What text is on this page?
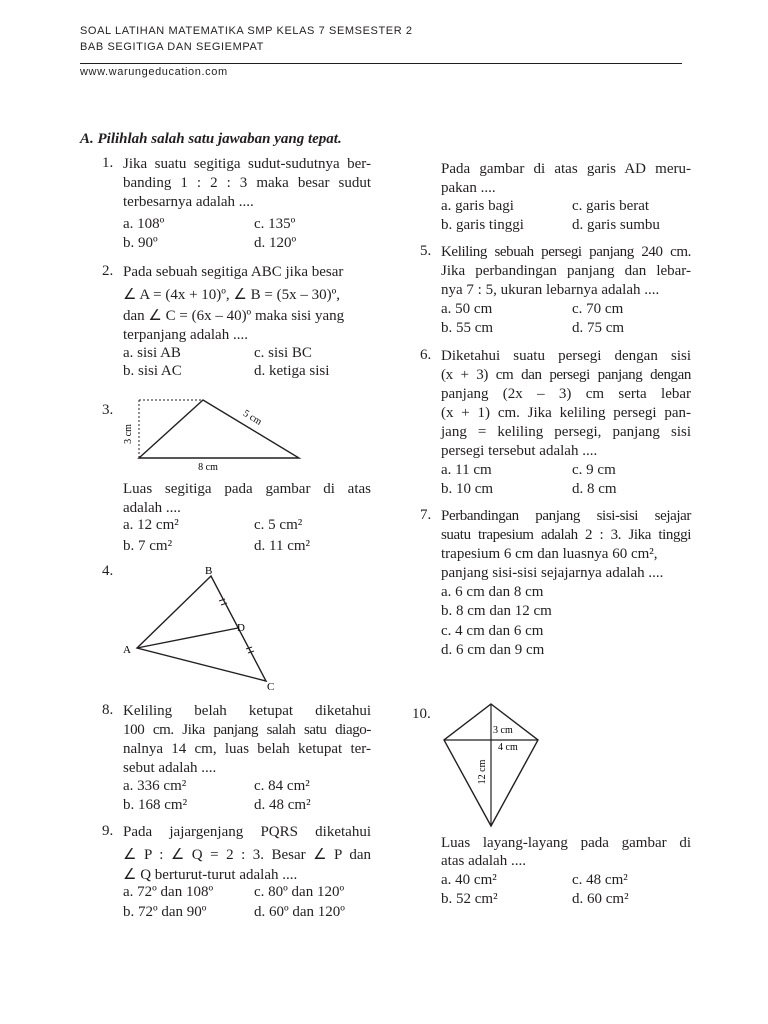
SOAL LATIHAN MATEMATIKA SMP KELAS 7 SEMSESTER 2
BAB SEGITIGA DAN SEGIEMPAT
www.warungeducation.com
A. Pilihlah salah satu jawaban yang tepat.
1. Jika suatu segitiga sudut-sudutnya ber-
banding 1 : 2 : 3 maka besar sudut
terbesarnya adalah ....
a. 108º	c. 135º
b. 90º	d. 120º
2. Pada sebuah segitiga ABC jika besar
∠ A = (4x + 10)º, ∠ B = (5x – 30)º,
dan ∠ C = (6x – 40)º maka sisi yang
terpanjang adalah ....
a. sisi AB	c. sisi BC
b. sisi AC	d. ketiga sisi
3.
3 cm
5 cm
8 cm
Luas segitiga pada gambar di atas
adalah ....
a. 12 cm²	c. 5 cm²
b. 7 cm²	d. 11 cm²
4.	B
A
D
C
Pada gambar di atas garis AD meru-
pakan ....
a. garis bagi	c. garis berat
b. garis tinggi	d. garis sumbu
5. Keliling sebuah persegi panjang 240 cm.
Jika perbandingan panjang dan lebar-
nya 7 : 5, ukuran lebarnya adalah ....
a. 50 cm	c. 70 cm
b. 55 cm	d. 75 cm
6. Diketahui suatu persegi dengan sisi
(x + 3) cm dan persegi panjang dengan
panjang (2x – 3) cm serta lebar
(x + 1) cm. Jika keliling persegi pan-
jang = keliling persegi, panjang sisi
persegi tersebut adalah ....
a. 11 cm	c. 9 cm
b. 10 cm	d. 8 cm
7. Perbandingan panjang sisi-sisi sejajar
suatu trapesium adalah 2 : 3. Jika tinggi
trapesium 6 cm dan luasnya 60 cm²,
panjang sisi-sisi sejajarnya adalah ....
a. 6 cm dan 8 cm
b. 8 cm dan 12 cm
c. 4 cm dan 6 cm
d. 6 cm dan 9 cm
8. Keliling belah ketupat diketahui
100 cm. Jika panjang salah satu diago-
nalnya 14 cm, luas belah ketupat ter-
sebut adalah ....
a. 336 cm²	c. 84 cm²
b. 168 cm²	d. 48 cm²
9. Pada jajargenjang PQRS diketahui
∠ P : ∠ Q = 2 : 3. Besar ∠ P dan
∠ Q berturut-turut adalah ....
a. 72º dan 108º	c. 80º dan 120º
b. 72º dan 90º	d. 60º dan 120º
10.
3 cm
4 cm
12 cm
Luas layang-layang pada gambar di
atas adalah ....
a. 40 cm²	c. 48 cm²
b. 52 cm²	d. 60 cm²
